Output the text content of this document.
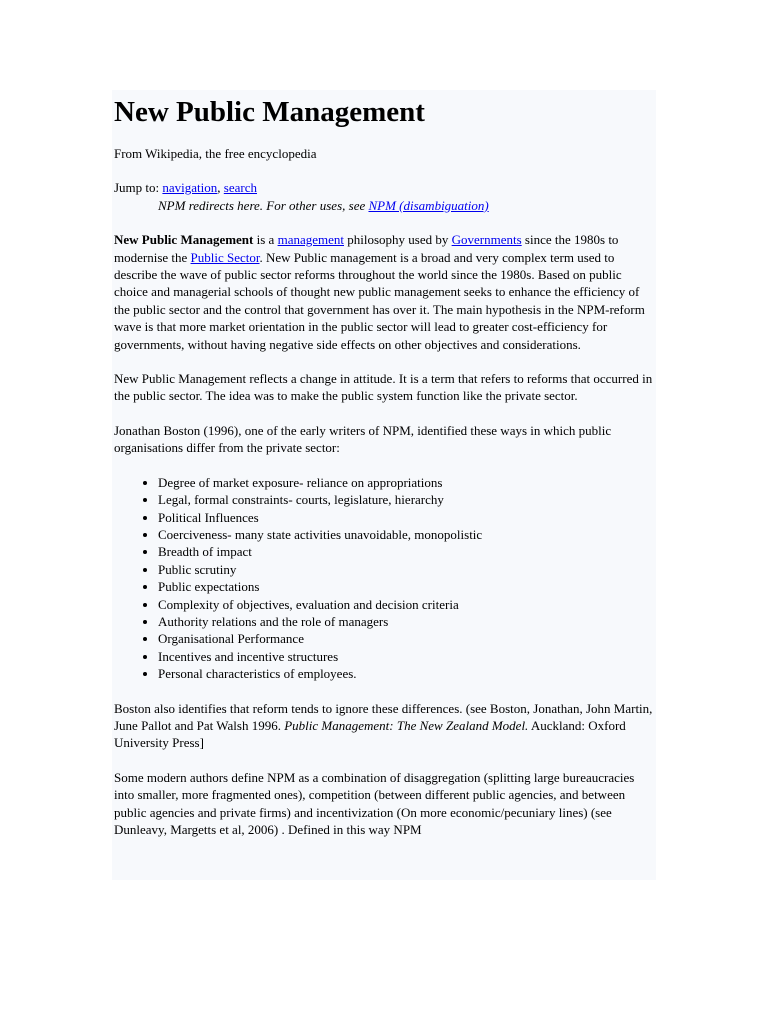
New Public Management

From Wikipedia, the free encyclopedia

Jump to: navigation, search

NPM redirects here. For other uses, see NPM (disambiguation)

New Public Management is a management philosophy used by Governments since the 1980s to modernise the Public Sector. New Public management is a broad and very complex term used to describe the wave of public sector reforms throughout the world since the 1980s. Based on public choice and managerial schools of thought new public management seeks to enhance the efficiency of the public sector and the control that government has over it. The main hypothesis in the NPM-reform wave is that more market orientation in the public sector will lead to greater cost-efficiency for governments, without having negative side effects on other objectives and considerations.

New Public Management reflects a change in attitude. It is a term that refers to reforms that occurred in the public sector. The idea was to make the public system function like the private sector.

Jonathan Boston (1996), one of the early writers of NPM, identified these ways in which public organisations differ from the private sector:

• Degree of market exposure- reliance on appropriations
• Legal, formal constraints- courts, legislature, hierarchy
• Political Influences
• Coerciveness- many state activities unavoidable, monopolistic
• Breadth of impact
• Public scrutiny
• Public expectations
• Complexity of objectives, evaluation and decision criteria
• Authority relations and the role of managers
• Organisational Performance
• Incentives and incentive structures
• Personal characteristics of employees.

Boston also identifies that reform tends to ignore these differences. (see Boston, Jonathan, John Martin, June Pallot and Pat Walsh 1996. Public Management: The New Zealand Model. Auckland: Oxford University Press]

Some modern authors define NPM as a combination of disaggregation (splitting large bureaucracies into smaller, more fragmented ones), competition (between different public agencies, and between public agencies and private firms) and incentivization (On more economic/pecuniary lines) (see Dunleavy, Margetts et al, 2006) . Defined in this way NPM
